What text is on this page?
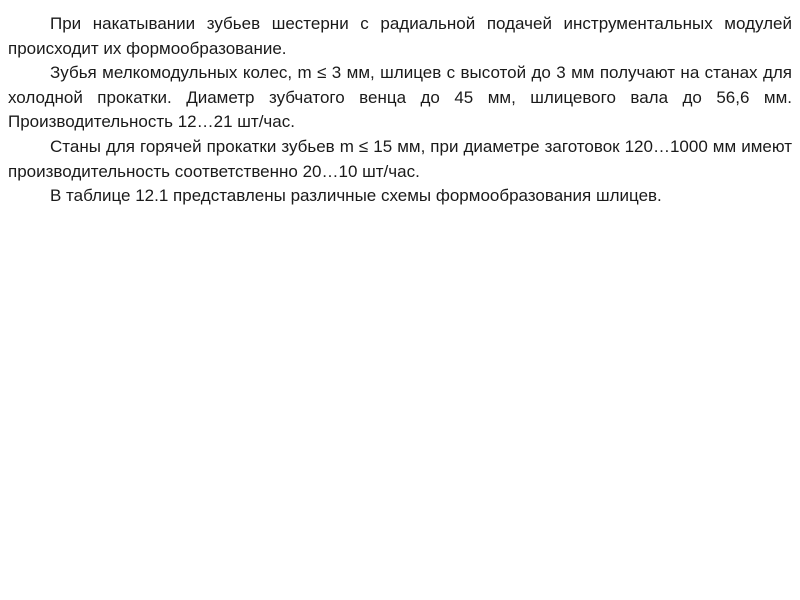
При накатывании зубьев шестерни с радиальной подачей инструментальных модулей происходит их формообразование.

Зубья мелкомодульных колес, m ≤ 3 мм, шлицев с высотой до 3 мм получают на станах для холодной прокатки. Диаметр зубчатого венца до 45 мм, шлицевого вала до 56,6 мм. Производительность 12…21 шт/час.

Станы для горячей прокатки зубьев m ≤ 15 мм, при диаметре заготовок 120…1000 мм имеют производительность соответственно 20…10 шт/час.

В таблице 12.1 представлены различные схемы формообразования шлицев.
